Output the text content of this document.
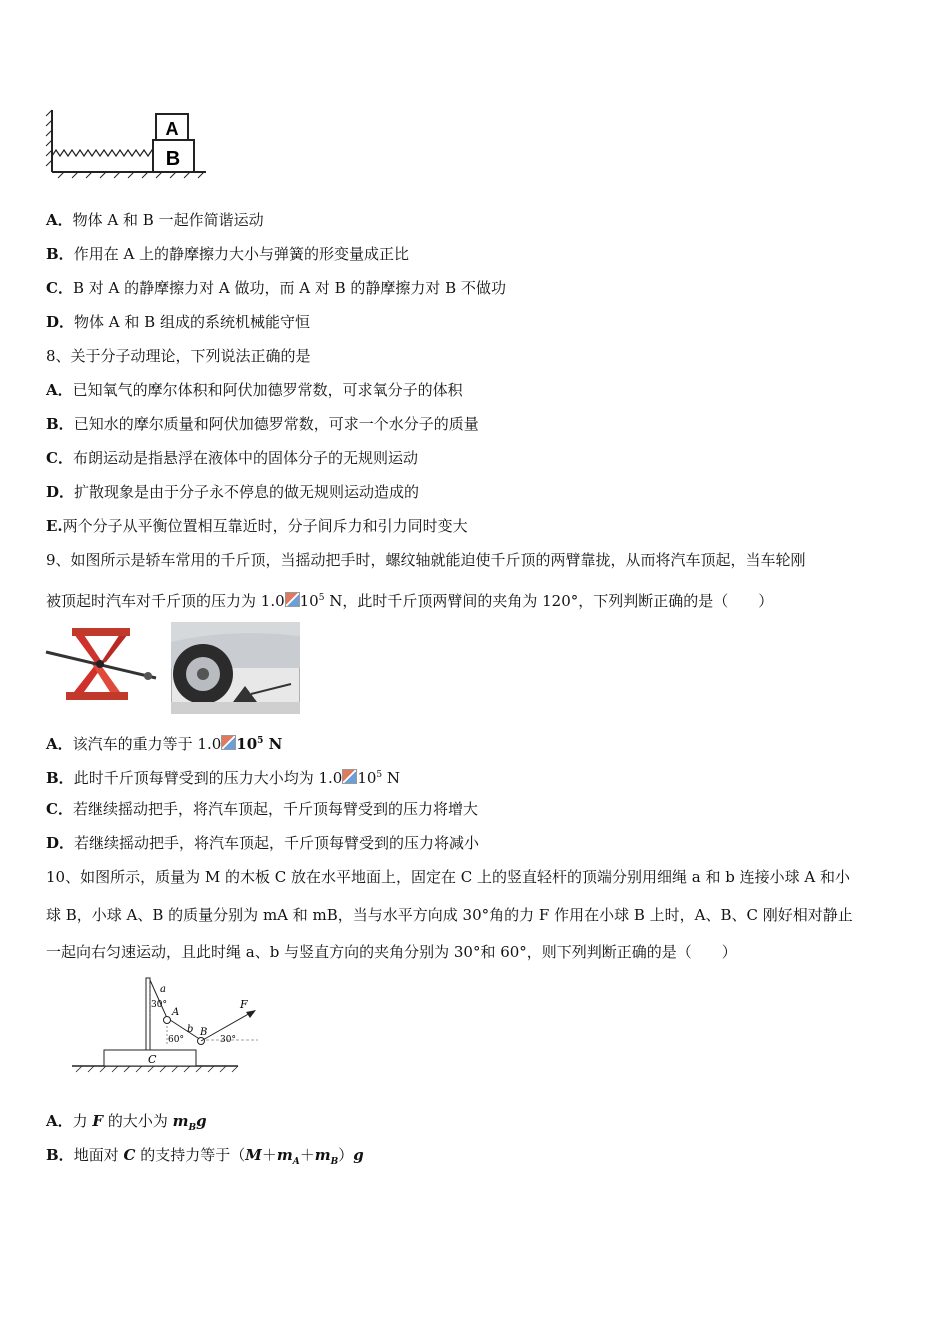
A
B
A．物体 A 和 B 一起作简谐运动
B．作用在 A 上的静摩擦力大小与弹簧的形变量成正比
C．B 对 A 的静摩擦力对 A 做功，而 A 对 B 的静摩擦力对 B 不做功
D．物体 A 和 B 组成的系统机械能守恒
8、关于分子动理论，下列说法正确的是
A．已知氧气的摩尔体积和阿伏加德罗常数，可求氧分子的体积
B．已知水的摩尔质量和阿伏加德罗常数，可求一个水分子的质量
C．布朗运动是指悬浮在液体中的固体分子的无规则运动
D．扩散现象是由于分子永不停息的做无规则运动造成的
E.两个分子从平衡位置相互靠近时，分子间斥力和引力同时变大
9、如图所示是轿车常用的千斤顶，当摇动把手时，螺纹轴就能迫使千斤顶的两臂靠拢，从而将汽车顶起，当车轮刚
被顶起时汽车对千斤顶的压力为 1.0 $10^5$ N，此时千斤顶两臂间的夹角为 120°，下列判断正确的是（　　）
A．该汽车的重力等于 1.0 $10^5$ N
B．此时千斤顶每臂受到的压力大小均为 1.0 $10^5$ N
C．若继续摇动把手，将汽车顶起，千斤顶每臂受到的压力将增大
D．若继续摇动把手，将汽车顶起，千斤顶每臂受到的压力将减小
10、如图所示，质量为 M 的木板 C 放在水平地面上，固定在 C 上的竖直轻杆的顶端分别用细绳 a 和 b 连接小球 A 和小
球 B，小球 A、B 的质量分别为 mA 和 mB，当与水平方向成 30°角的力 F 作用在小球 B 上时，A、B、C 刚好相对静止
一起向右匀速运动，且此时绳 a、b 与竖直方向的夹角分别为 30°和 60°，则下列判断正确的是（　　）
C
a
30°
A
b
60°
B
F
30°
A．力 F 的大小为 $m_Bg$
B．地面对 C 的支持力等于$(M+m_A+m_B)g$
